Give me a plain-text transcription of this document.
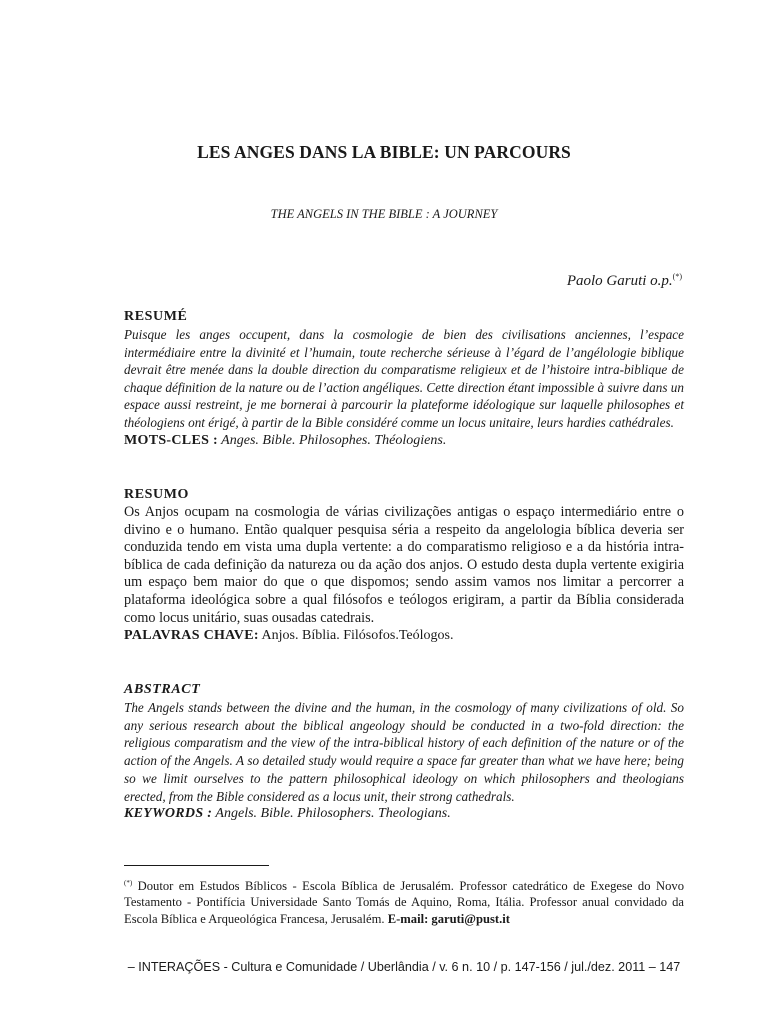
LES ANGES DANS LA BIBLE: UN PARCOURS
THE ANGELS IN THE BIBLE : A JOURNEY
Paolo Garuti o.p.(*)
RESUMÉ

Puisque les anges occupent, dans la cosmologie de bien des civilisations anciennes, l’espace intermédiaire entre la divinité et l’humain, toute recherche sérieuse à l’égard de l’angélologie biblique devrait être menée dans la double direction du comparatisme religieux et de l’histoire intra-biblique de chaque définition de la nature ou de l’action angéliques. Cette direction étant impossible à suivre dans un espace aussi restreint, je me bornerai à parcourir la plateforme idéologique sur laquelle philosophes et théologiens ont érigé, à partir de la Bible considéré comme un locus unitaire, leurs hardies cathédrales.

MOTS-CLES : Anges. Bible. Philosophes. Théologiens.

RESUMO

Os Anjos ocupam na cosmologia de várias civilizações antigas o espaço intermediário entre o divino e o humano. Então qualquer pesquisa séria a respeito da angelologia bíblica deveria ser conduzida tendo em vista uma dupla vertente: a do comparatismo religioso e a da história intra-bíblica de cada definição da natureza ou da ação dos anjos. O estudo desta dupla vertente exigiria um espaço bem maior do que o que dispomos; sendo assim vamos nos limitar a percorrer a plataforma ideológica sobre a qual filósofos e teólogos erigiram, a partir da Bíblia considerada como locus unitário, suas ousadas catedrais.

PALAVRAS CHAVE: Anjos. Bíblia. Filósofos.Teólogos.

ABSTRACT

The Angels stands between the divine and the human, in the cosmology of many civilizations of old. So any serious research about the biblical angeology should be conducted in a two-fold direction: the religious comparatism and the view of the intra-biblical history of each definition of the nature or of the action of the Angels. A so detailed study would require a space far greater than what we have here; being so we limit ourselves to the pattern philosophical ideology on which philosophers and theologians erected, from the Bible considered as a locus unit, their strong cathedrals.

KEYWORDS : Angels. Bible. Philosophers. Theologians.

(*) Doutor em Estudos Bíblicos - Escola Bíblica de Jerusalém. Professor catedrático de Exegese do Novo Testamento - Pontifícia Universidade Santo Tomás de Aquino, Roma, Itália. Professor anual convidado da Escola Bíblica e Arqueológica Francesa, Jerusalém. E-mail: garuti@pust.it
– INTERAÇÕES - Cultura e Comunidade / Uberlândia / v. 6 n. 10 / p. 147-156 / jul./dez. 2011 – 147
